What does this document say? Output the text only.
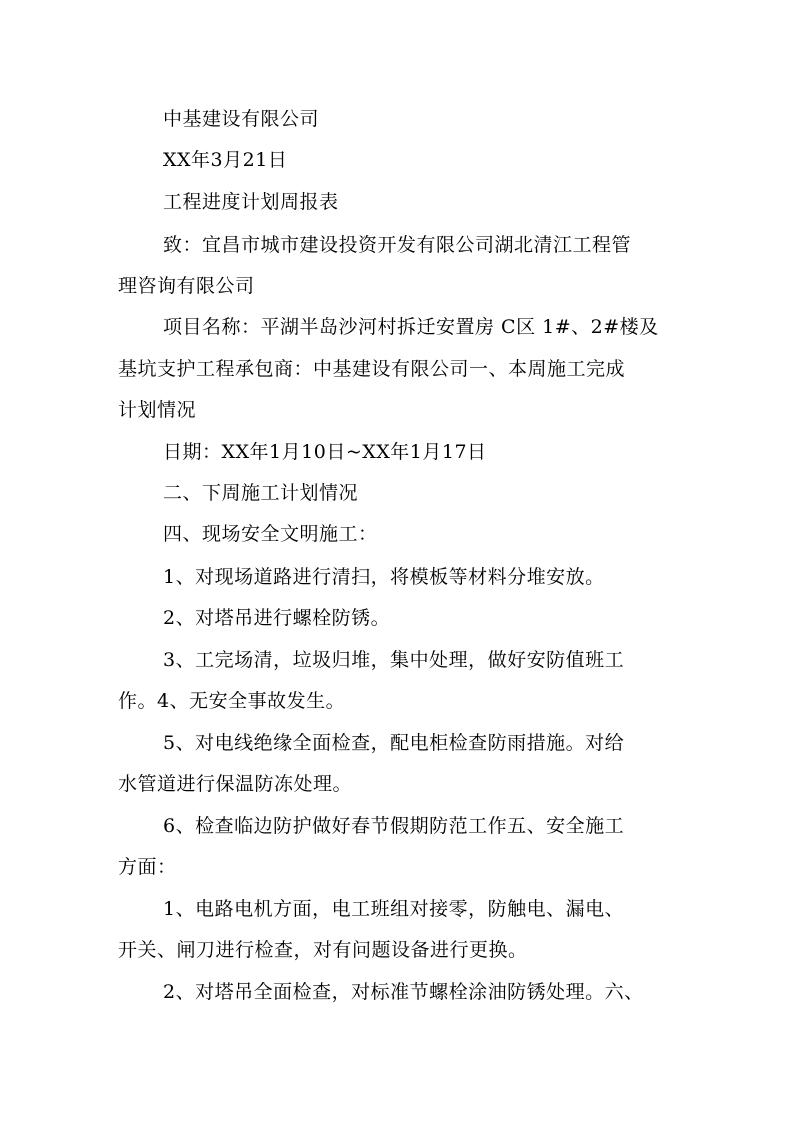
中基建设有限公司
XX年3月21日
工程进度计划周报表
致：宜昌市城市建设投资开发有限公司湖北清江工程管
理咨询有限公司
项目名称：平湖半岛沙河村拆迁安置房 C区 1#、2#楼及
基坑支护工程承包商：中基建设有限公司一、本周施工完成
计划情况
日期：XX年1月10日~XX年1月17日
二、下周施工计划情况
四、现场安全文明施工：
1、对现场道路进行清扫，将模板等材料分堆安放。
2、对塔吊进行螺栓防锈。
3、工完场清，垃圾归堆，集中处理，做好安防值班工
作。4、无安全事故发生。
5、对电线绝缘全面检查，配电柜检查防雨措施。对给
水管道进行保温防冻处理。
6、检查临边防护做好春节假期防范工作五、安全施工
方面：
1、电路电机方面，电工班组对接零，防触电、漏电、
开关、闸刀进行检查，对有问题设备进行更换。
2、对塔吊全面检查，对标准节螺栓涂油防锈处理。六、
